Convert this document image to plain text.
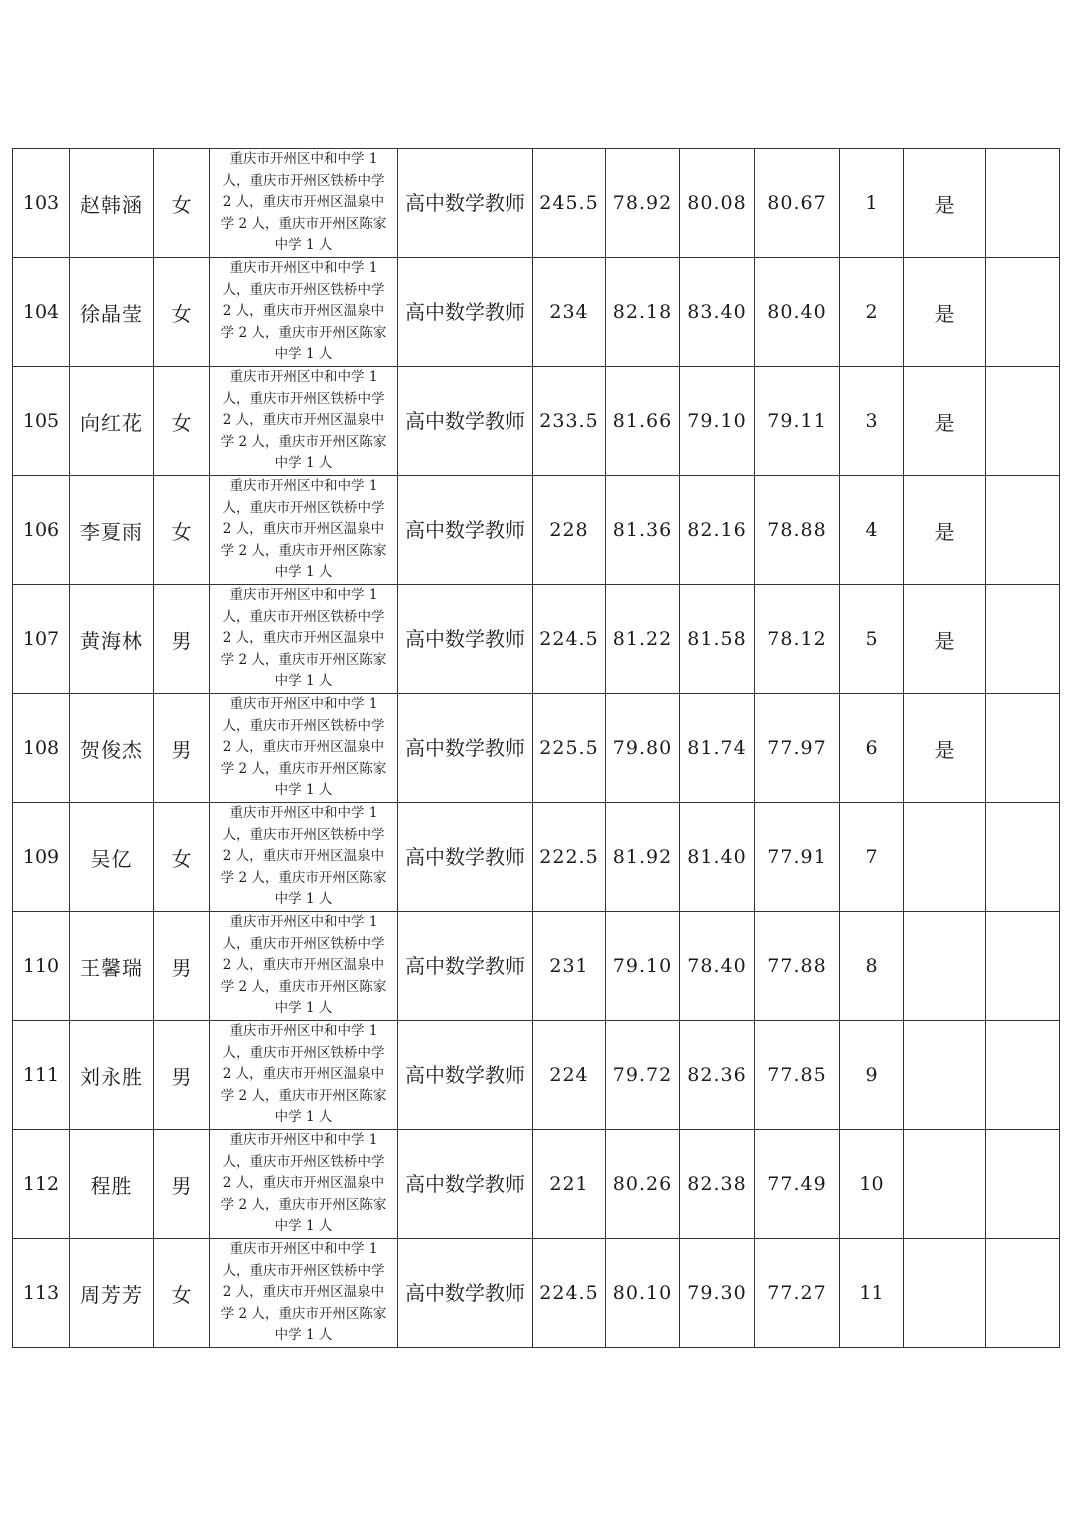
103	赵韩涵	女	重庆市开州区中和中学 1
人，重庆市开州区铁桥中学
2 人，重庆市开州区温泉中
学 2 人，重庆市开州区陈家
中学 1 人	高中数学教师	245.5	78.92	80.08	80.67	1	是	
104	徐晶莹	女	重庆市开州区中和中学 1
人，重庆市开州区铁桥中学
2 人，重庆市开州区温泉中
学 2 人，重庆市开州区陈家
中学 1 人	高中数学教师	234	82.18	83.40	80.40	2	是	
105	向红花	女	重庆市开州区中和中学 1
人，重庆市开州区铁桥中学
2 人，重庆市开州区温泉中
学 2 人，重庆市开州区陈家
中学 1 人	高中数学教师	233.5	81.66	79.10	79.11	3	是	
106	李夏雨	女	重庆市开州区中和中学 1
人，重庆市开州区铁桥中学
2 人，重庆市开州区温泉中
学 2 人，重庆市开州区陈家
中学 1 人	高中数学教师	228	81.36	82.16	78.88	4	是	
107	黄海林	男	重庆市开州区中和中学 1
人，重庆市开州区铁桥中学
2 人，重庆市开州区温泉中
学 2 人，重庆市开州区陈家
中学 1 人	高中数学教师	224.5	81.22	81.58	78.12	5	是	
108	贺俊杰	男	重庆市开州区中和中学 1
人，重庆市开州区铁桥中学
2 人，重庆市开州区温泉中
学 2 人，重庆市开州区陈家
中学 1 人	高中数学教师	225.5	79.80	81.74	77.97	6	是	
109	吴亿	女	重庆市开州区中和中学 1
人，重庆市开州区铁桥中学
2 人，重庆市开州区温泉中
学 2 人，重庆市开州区陈家
中学 1 人	高中数学教师	222.5	81.92	81.40	77.91	7		
110	王馨瑞	男	重庆市开州区中和中学 1
人，重庆市开州区铁桥中学
2 人，重庆市开州区温泉中
学 2 人，重庆市开州区陈家
中学 1 人	高中数学教师	231	79.10	78.40	77.88	8		
111	刘永胜	男	重庆市开州区中和中学 1
人，重庆市开州区铁桥中学
2 人，重庆市开州区温泉中
学 2 人，重庆市开州区陈家
中学 1 人	高中数学教师	224	79.72	82.36	77.85	9		
112	程胜	男	重庆市开州区中和中学 1
人，重庆市开州区铁桥中学
2 人，重庆市开州区温泉中
学 2 人，重庆市开州区陈家
中学 1 人	高中数学教师	221	80.26	82.38	77.49	10		
113	周芳芳	女	重庆市开州区中和中学 1
人，重庆市开州区铁桥中学
2 人，重庆市开州区温泉中
学 2 人，重庆市开州区陈家
中学 1 人	高中数学教师	224.5	80.10	79.30	77.27	11		
